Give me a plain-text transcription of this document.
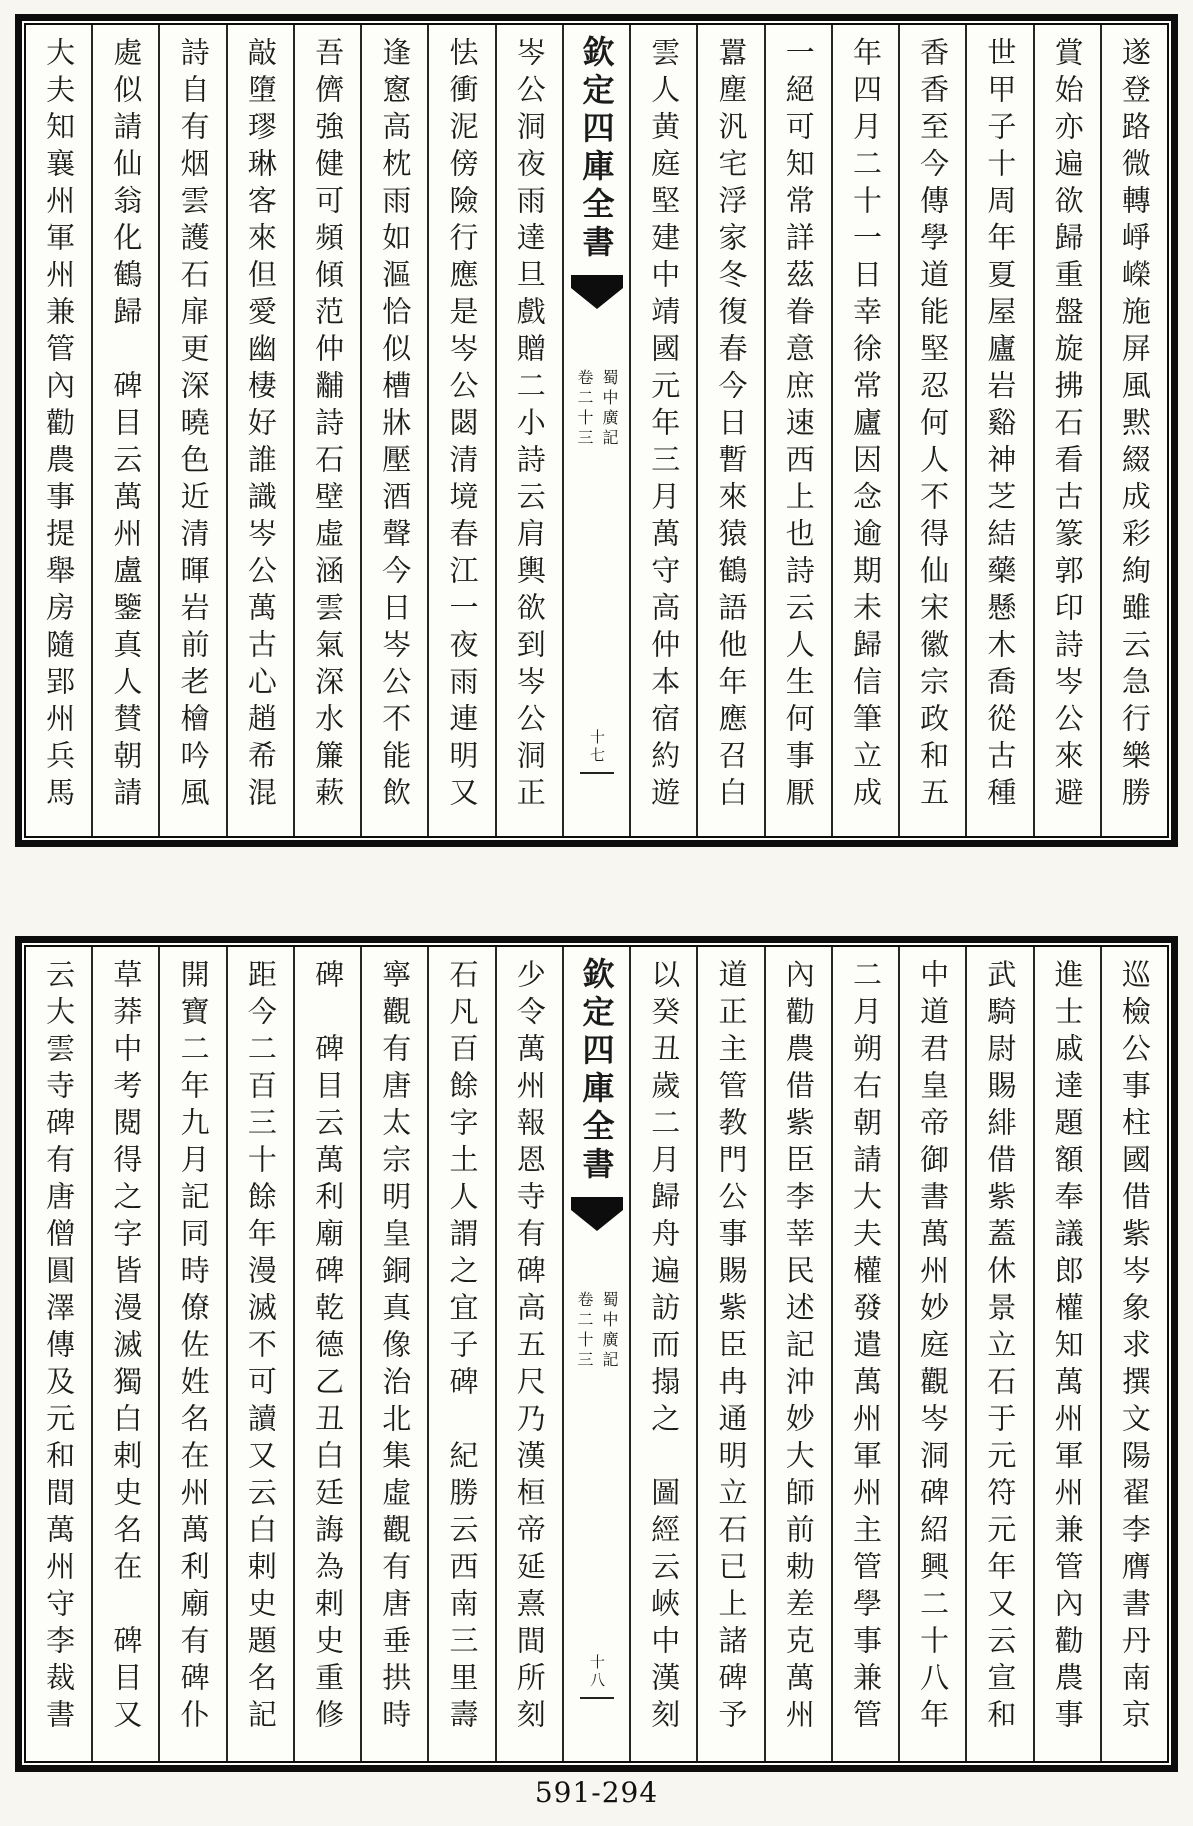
遂登路微轉崢嶸施屏風黙綴成彩絢雖云急行樂勝
賞始亦遍欲歸重盤旋拂石看古篆郭印詩岑公來避
世甲子十周年夏屋廬岩谿神芝結藥懸木喬從古種
香香至今傳學道能堅忍何人不得仙宋徽宗政和五
年四月二十一日幸徐常廬因念逾期未歸信筆立成
一絕可知常詳茲眷意庶速西上也詩云人生何事厭
囂塵汎宅浮家冬復春今日暫來猿鶴語他年應召白
雲人黄庭堅建中靖國元年三月萬守高仲本宿約遊
欽定四庫全書
蜀中廣記
卷二十三
十七
岑公洞夜雨達旦戲贈二小詩云肩輿欲到岑公洞正
怯衝泥傍險行應是岑公閟清境春江一夜雨連明又
逢窻高枕雨如漚恰似槽牀壓酒聲今日岑公不能飲
吾儕強健可頻傾范仲黼詩石壁虛涵雲氣深水簾蔌
敲墮璆琳客來但愛幽棲好誰識岑公萬古心趙希混
詩自有烟雲護石扉更深曉色近清暉岩前老檜吟風
處似請仙翁化鶴歸　碑目云萬州盧鑒真人賛朝請
大夫知襄州軍州兼管內勸農事提舉房隨郢州兵馬
巡檢公事柱國借紫岑象求撰文陽翟李膺書丹南京
進士戚達題額奉議郎權知萬州軍州兼管內勸農事
武騎尉賜緋借紫蓋休景立石于元符元年又云宣和
中道君皇帝御書萬州妙庭觀岑洞碑紹興二十八年
二月朔右朝請大夫權發遣萬州軍州主管學事兼管
內勸農借紫臣李莘民述記沖妙大師前勅差克萬州
道正主管教門公事賜紫臣冉通明立石已上諸碑予
以癸丑歲二月歸舟遍訪而搨之　圖經云峽中漢刻
欽定四庫全書
蜀中廣記
卷二十三
十八
少令萬州報恩寺有碑高五尺乃漢桓帝延熹間所刻
石凡百餘字土人謂之宜子碑　紀勝云西南三里壽
寧觀有唐太宗明皇銅真像治北集虛觀有唐垂拱時
碑　碑目云萬利廟碑乾德乙丑白廷誨為剌史重修
距今二百三十餘年漫滅不可讀又云白剌史題名記
開寶二年九月記同時僚佐姓名在州萬利廟有碑仆
草莽中考閱得之字皆漫滅獨白剌史名在　碑目又
云大雲寺碑有唐僧圓澤傳及元和間萬州守李裁書
591-294
